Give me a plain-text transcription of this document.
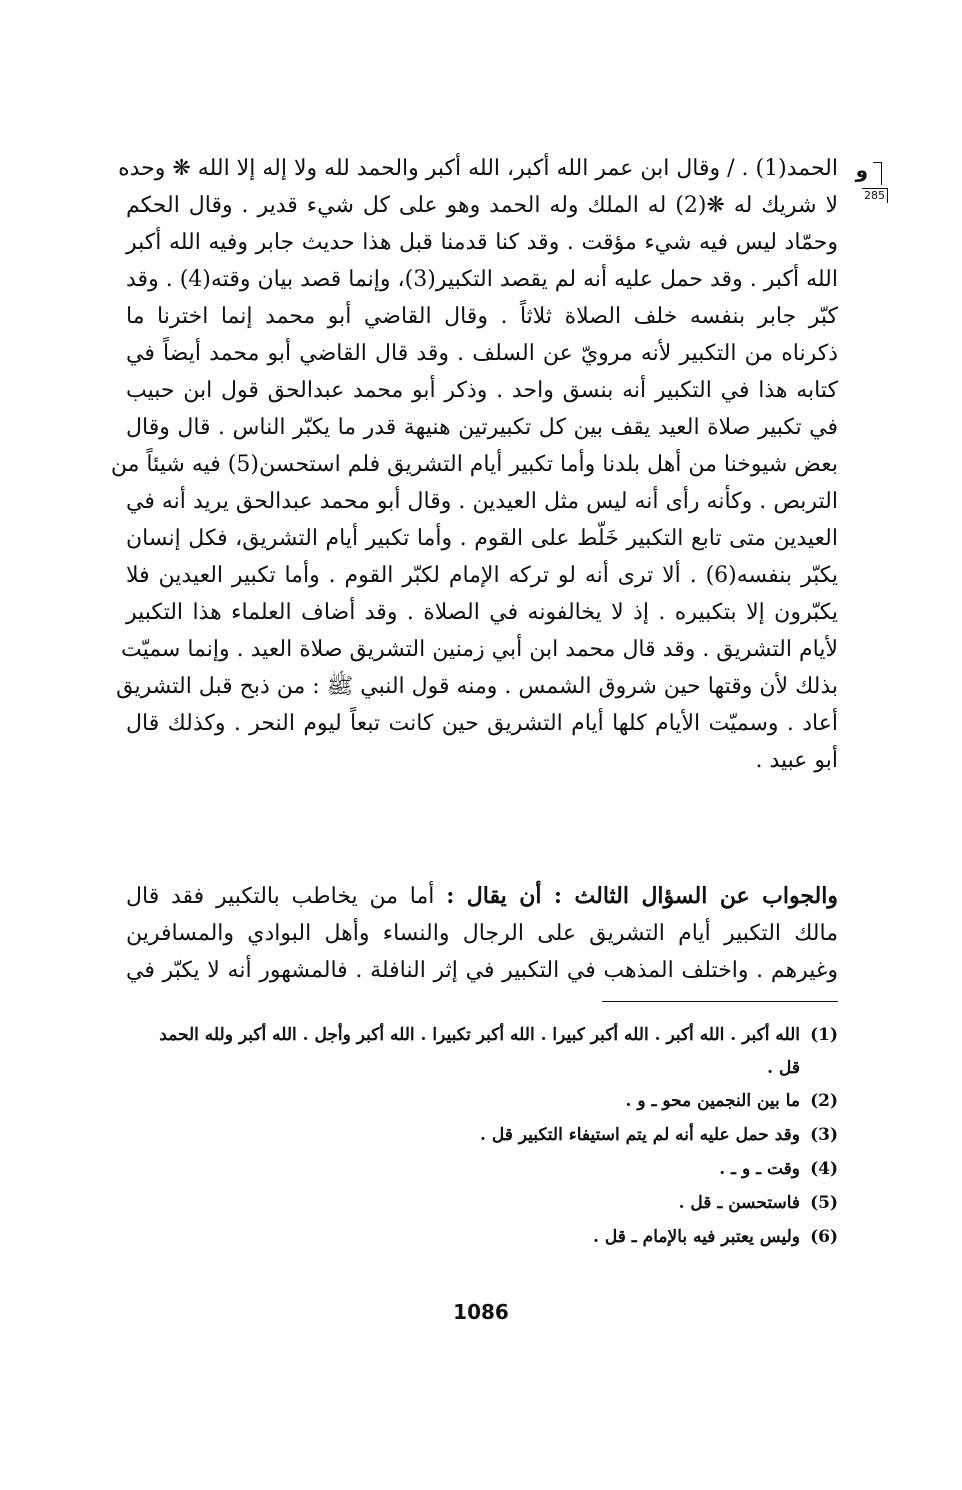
و
285
الحمد(1) . / وقال ابن عمر الله أكبر، الله أكبر والحمد لله ولا إله إلا الله ❋ وحده
لا شريك له ❋(2) له الملك وله الحمد وهو على كل شيء قدير . وقال الحكم
وحمّاد ليس فيه شيء مؤقت . وقد كنا قدمنا قبل هذا حديث جابر وفيه الله أكبر
الله أكبر . وقد حمل عليه أنه لم يقصد التكبير(3)، وإنما قصد بيان وقته(4) . وقد
كبّر جابر بنفسه خلف الصلاة ثلاثاً . وقال القاضي أبو محمد إنما اخترنا ما
ذكرناه من التكبير لأنه مرويّ عن السلف . وقد قال القاضي أبو محمد أيضاً في
كتابه هذا في التكبير أنه بنسق واحد . وذكر أبو محمد عبدالحق قول ابن حبيب
في تكبير صلاة العيد يقف بين كل تكبيرتين هنيهة قدر ما يكبّر الناس . قال وقال
بعض شيوخنا من أهل بلدنا وأما تكبير أيام التشريق فلم استحسن(5) فيه شيئاً من
التربص . وكأنه رأى أنه ليس مثل العيدين . وقال أبو محمد عبدالحق يريد أنه في
العيدين متى تابع التكبير خَلّط على القوم . وأما تكبير أيام التشريق، فكل إنسان
يكبّر بنفسه(6) . ألا ترى أنه لو تركه الإمام لكبّر القوم . وأما تكبير العيدين فلا
يكبّرون إلا بتكبيره . إذ لا يخالفونه في الصلاة . وقد أضاف العلماء هذا التكبير
لأيام التشريق . وقد قال محمد ابن أبي زمنين التشريق صلاة العيد . وإنما سميّت
بذلك لأن وقتها حين شروق الشمس . ومنه قول النبي ﷺ : من ذبح قبل التشريق
أعاد . وسميّت الأيام كلها أيام التشريق حين كانت تبعاً ليوم النحر . وكذلك قال
أبو عبيد .
والجواب عن السؤال الثالث : أن يقال : أما من يخاطب بالتكبير فقد قال
مالك التكبير أيام التشريق على الرجال والنساء وأهل البوادي والمسافرين
وغيرهم . واختلف المذهب في التكبير في إثر النافلة . فالمشهور أنه لا يكبّر في
(1)الله أكبر . الله أكبر . الله أكبر كبيرا . الله أكبر تكبيرا . الله أكبر وأجل . الله أكبر ولله الحمد
قل .
(2)ما بين النجمين محو ـ و .
(3)وقد حمل عليه أنه لم يتم استيفاء التكبير قل .
(4)وقت ـ و ـ .
(5)فاستحسن ـ قل .
(6)وليس يعتبر فيه بالإمام ـ قل .
1086
